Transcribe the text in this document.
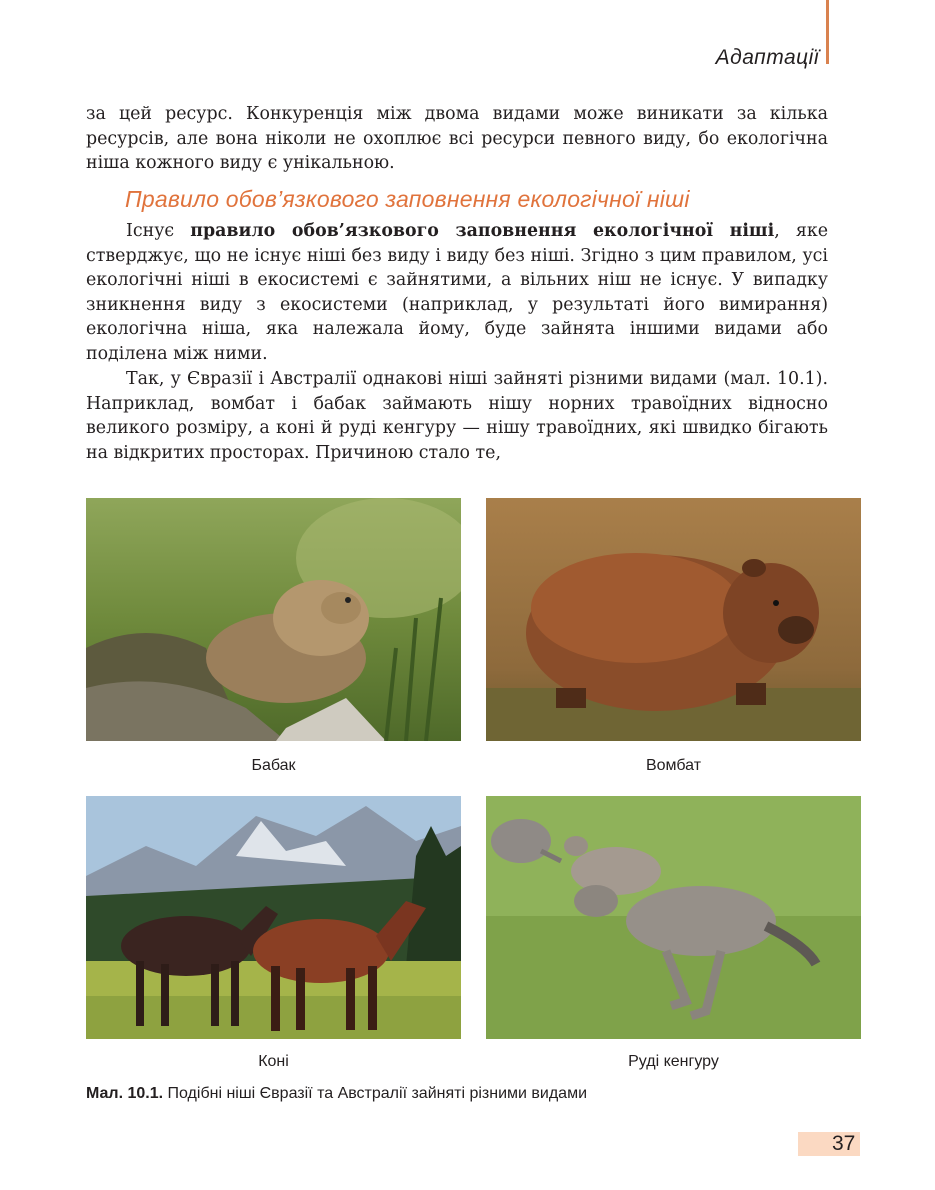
Адаптації

за цей ресурс. Конкуренція між двома видами може виникати за кілька ресурсів, але вона ніколи не охоплює всі ресурси певного виду, бо екологічна ніша кожного виду є унікальною.

Правило обов’язкового заповнення екологічної ніші

Існує правило обов’язкового заповнення екологічної ніші, яке стверджує, що не існує ніші без виду і виду без ніші. Згідно з цим правилом, усі екологічні ніші в екосистемі є зайнятими, а вільних ніш не існує. У випадку зникнення виду з екосистеми (наприклад, у результаті його вимирання) екологічна ніша, яка належала йому, буде зайнята іншими видами або поділена між ними.

Так, у Євразії і Австралії однакові ніші зайняті різними видами (мал. 10.1). Наприклад, вомбат і бабак займають нішу норних травоїдних відносно великого розміру, а коні й руді кенгуру — нішу травоїдних, які швидко бігають на відкритих просторах. Причиною стало те,

Бабак	Вомбат
Коні	Руді кенгуру
Мал. 10.1. Подібні ніші Євразії та Австралії зайняті різними видами
37
